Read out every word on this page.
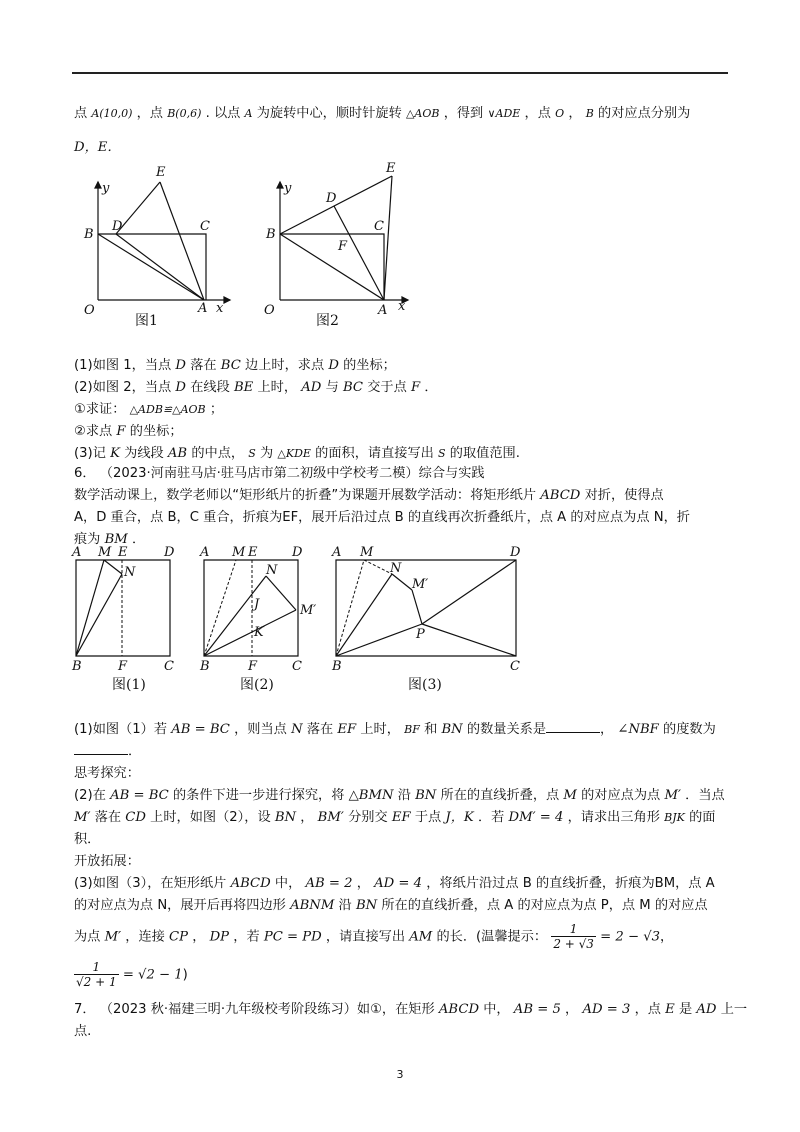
点 A(10,0) ，点 B(0,6) . 以点 A 为旋转中心，顺时针旋转 △AOB ，得到 ∨ADE ，点 O ， B 的对应点分别为
D，E．
y
E
B
D	C
O	A x
图1
y
E
D
B
C
F
O	A x
图2
(1)如图 1，当点 D 落在 BC 边上时，求点 D 的坐标；
(2)如图 2，当点 D 在线段 BE 上时， AD 与 BC 交于点 F ．
①求证： △ADB≌△AOB ；
②求点 F 的坐标；
(3)记 K 为线段 AB 的中点， S 为 △KDE 的面积，请直接写出 S 的取值范围.
6． （2023·河南驻马店·驻马店市第二初级中学校考二模）综合与实践
数学活动课上，数学老师以“矩形纸片的折叠”为课题开展数学活动：将矩形纸片 ABCD 对折，使得点
A，D 重合，点 B，C 重合，折痕为EF，展开后沿过点 B 的直线再次折叠纸片，点 A 的对应点为点 N，折
痕为 BM ．
A M E	D
N
B	F	C
图(1)
A M E	D
N
J
K
M′
B	F	C
图(2)
A M	D
N
M′
P
B	C
图(3)
(1)如图（1）若 AB = BC ，则当点 N 落在 EF 上时， BF 和 BN 的数量关系是	， ∠NBF 的度数为
．
思考探究：
(2)在 AB = BC 的条件下进一步进行探究，将 △BMN 沿 BN 所在的直线折叠，点 M 的对应点为点 M′ ．当点
M′ 落在 CD 上时，如图（2），设 BN ， BM′ 分别交 EF 于点 J，K ．若 DM′ = 4 ，请求出三角形 BJK 的面
积．
开放拓展：
(3)如图（3），在矩形纸片 ABCD 中， AB = 2 ， AD = 4 ，将纸片沿过点 B 的直线折叠，折痕为BM，点 A
的对应点为点 N，展开后再将四边形 ABNM 沿 BN 所在的直线折叠，点 A 的对应点为点 P，点 M 的对应点
为点 M′ ，连接 CP ， DP ，若 PC = PD ，请直接写出 AM 的长．(温馨提示： $\frac{1}{2 + √3} = 2 - √3$，
$\frac{1}{√2 + 1} = √2 - 1$)
7． （2023 秋·福建三明·九年级校考阶段练习）如①，在矩形 ABCD 中， AB = 5 ， AD = 3 ，点 E 是 AD 上一
点.
3
